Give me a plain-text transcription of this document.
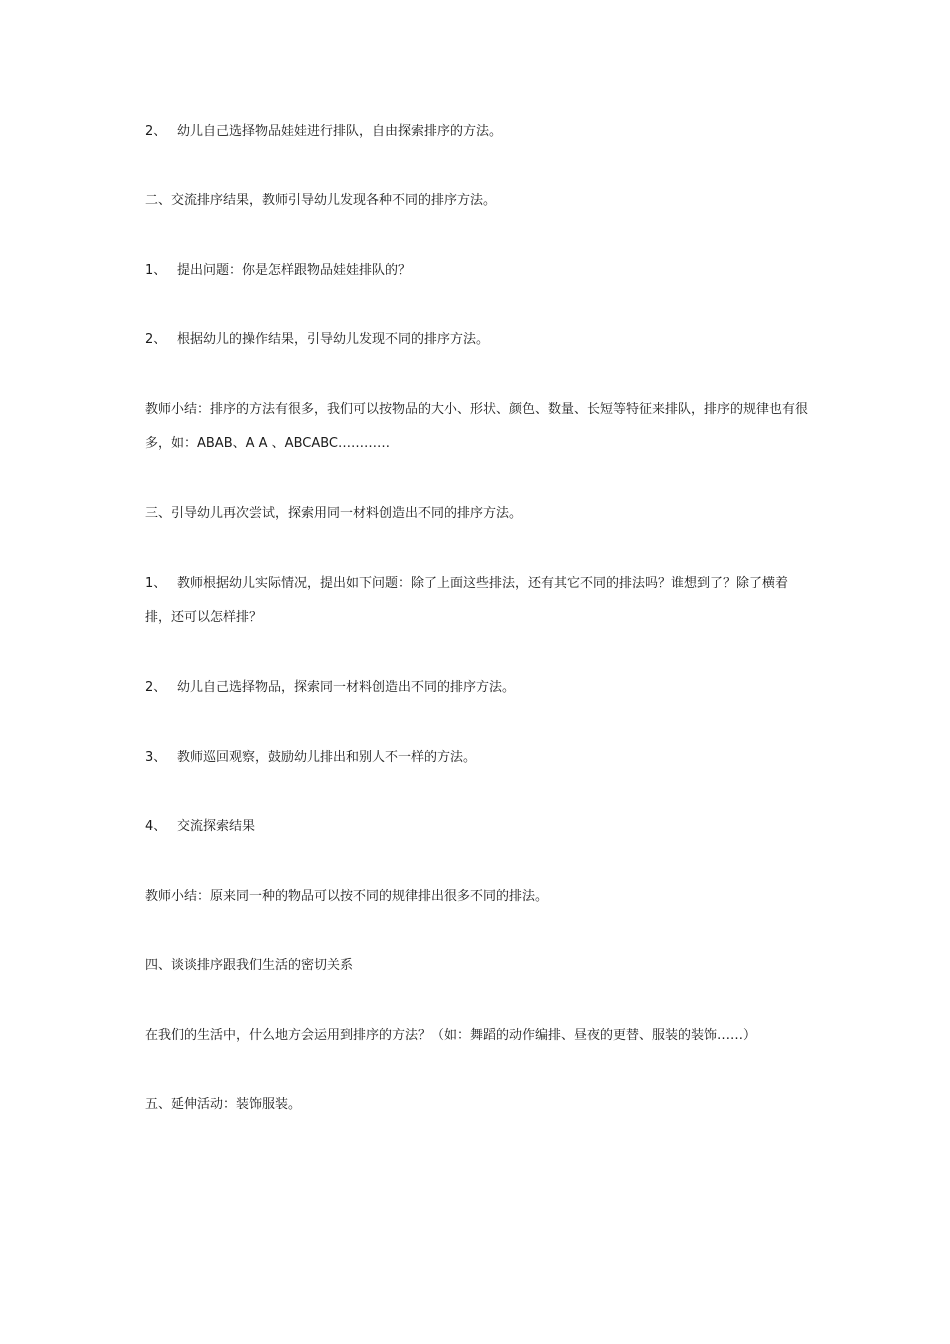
2、 幼儿自己选择物品娃娃进行排队，自由探索排序的方法。

二、交流排序结果，教师引导幼儿发现各种不同的排序方法。

1、 提出问题：你是怎样跟物品娃娃排队的？

2、 根据幼儿的操作结果，引导幼儿发现不同的排序方法。

教师小结：排序的方法有很多，我们可以按物品的大小、形状、颜色、数量、长短等特征来排队，排序的规律也有很多，如：ABAB、A A 、ABCABC…………

三、引导幼儿再次尝试，探索用同一材料创造出不同的排序方法。

1、 教师根据幼儿实际情况，提出如下问题：除了上面这些排法，还有其它不同的排法吗？谁想到了？除了横着排，还可以怎样排？

2、 幼儿自己选择物品，探索同一材料创造出不同的排序方法。

3、 教师巡回观察，鼓励幼儿排出和别人不一样的方法。

4、 交流探索结果

教师小结：原来同一种的物品可以按不同的规律排出很多不同的排法。

四、谈谈排序跟我们生活的密切关系

在我们的生活中，什么地方会运用到排序的方法？（如：舞蹈的动作编排、昼夜的更替、服装的装饰……）

五、延伸活动：装饰服装。
